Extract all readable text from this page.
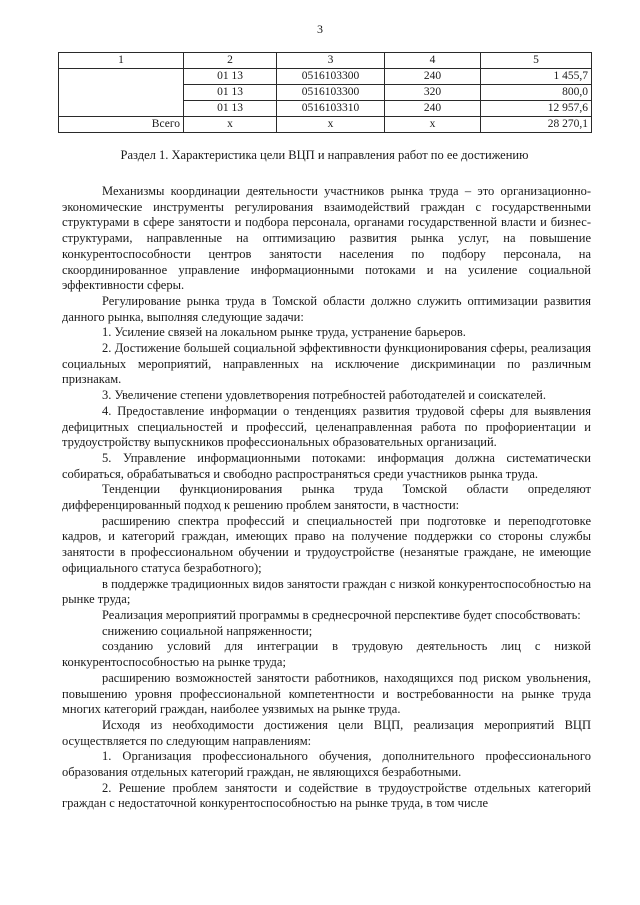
3
1	2	3	4	5
	01 13	0516103300	240	1 455,7
	01 13	0516103300	320	800,0
	01 13	0516103310	240	12 957,6
Всего	х	х	х	28 270,1
Раздел 1. Характеристика цели ВЦП и направления работ по ее достижению

Механизмы координации деятельности участников рынка труда – это организационно-экономические инструменты регулирования взаимодействий граждан с государственными структурами в сфере занятости и подбора персонала, органами государственной власти и бизнес-структурами, направленные на оптимизацию развития рынка услуг, на повышение конкурентоспособности центров занятости населения по подбору персонала, на скоординированное управление информационными потоками и на усиление социальной эффективности сферы.

Регулирование рынка труда в Томской области должно служить оптимизации развития данного рынка, выполняя следующие задачи:

1. Усиление связей на локальном рынке труда, устранение барьеров.

2. Достижение большей социальной эффективности функционирования сферы, реализация социальных мероприятий, направленных на исключение дискриминации по различным признакам.

3. Увеличение степени удовлетворения потребностей работодателей и соискателей.

4. Предоставление информации о тенденциях развития трудовой сферы для выявления дефицитных специальностей и профессий, целенаправленная работа по профориентации и трудоустройству выпускников профессиональных образовательных организаций.

5. Управление информационными потоками: информация должна систематически собираться, обрабатываться и свободно распространяться среди участников рынка труда.

Тенденции функционирования рынка труда Томской области определяют дифференцированный подход к решению проблем занятости, в частности:

расширению спектра профессий и специальностей при подготовке и переподготовке кадров, и категорий граждан, имеющих право на получение поддержки со стороны службы занятости в профессиональном обучении и трудоустройстве (незанятые граждане, не имеющие официального статуса безработного);

в поддержке традиционных видов занятости граждан с низкой конкурентоспособностью на рынке труда;

Реализация мероприятий программы в среднесрочной перспективе будет способствовать:

снижению социальной напряженности;

созданию условий для интеграции в трудовую деятельность лиц с низкой конкурентоспособностью на рынке труда;

расширению возможностей занятости работников, находящихся под риском увольнения, повышению уровня профессиональной компетентности и востребованности на рынке труда многих категорий граждан, наиболее уязвимых на рынке труда.

Исходя из необходимости достижения цели ВЦП, реализация мероприятий ВЦП осуществляется по следующим направлениям:

1. Организация профессионального обучения, дополнительного профессионального образования отдельных категорий граждан, не являющихся безработными.

2. Решение проблем занятости и содействие в трудоустройстве отдельных категорий граждан с недостаточной конкурентоспособностью на рынке труда, в том числе
